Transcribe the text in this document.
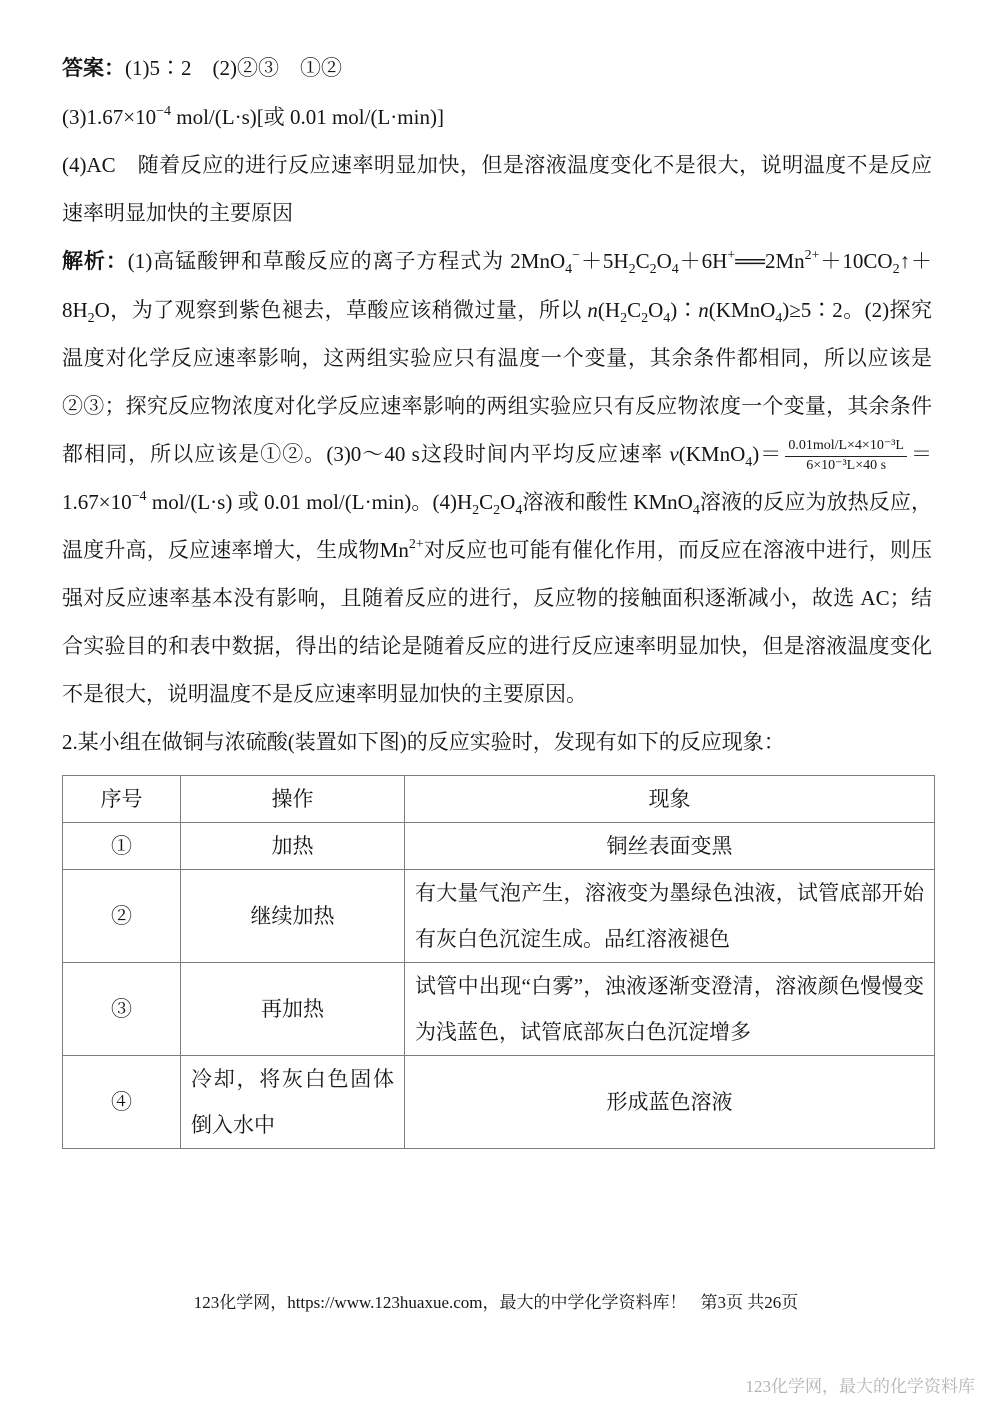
答案：(1)5∶2　(2)②③　①②

$(3)1.67\times 10^{-4}$ mol/(L·s)[或 0.01 mol/(L·min)]

(4)AC　随着反应的进行反应速率明显加快，但是溶液温度变化不是很大，说明温度不是反应速率明显加快的主要原因

解析：(1)高锰酸钾和草酸反应的离子方程式为 $2MnO_4^-+5H_2C_2O_4+6H^+══2Mn^{2+}+10CO_2↑+8H_2O$，为了观察到紫色褪去，草酸应该稍微过量，所以 $n(H_2C_2O_4)∶n(KMnO_4)\ge 5∶2$。(2)探究温度对化学反应速率影响，这两组实验应只有温度一个变量，其余条件都相同，所以应该是②③；探究反应物浓度对化学反应速率影响的两组实验应只有反应物浓度一个变量，其余条件都相同，所以应该是①②。(3)0～40 s这段时间内平均反应速率 v(KMnO$_4$)＝ $\frac{\text{0.01mol/L×4×10⁻³L}}{\text{6×10⁻³L×40 s}} =1.67\times 10^{-4}$ mol/(L·s) 或 0.01 mol/(L·min)。$(4)H_2C_2O_4$溶液和酸性 KMnO$_4$溶液的反应为放热反应，温度升高，反应速率增大，生成物$Mn^{2+}$对反应也可能有催化作用，而反应在溶液中进行，则压强对反应速率基本没有影响，且随着反应的进行，反应物的接触面积逐渐减小，故选 AC；结合实验目的和表中数据，得出的结论是随着反应的进行反应速率明显加快，但是溶液温度变化不是很大，说明温度不是反应速率明显加快的主要原因。

2.某小组在做铜与浓硫酸(装置如下图)的反应实验时，发现有如下的反应现象：

序号	操作	现象
①	加热	铜丝表面变黑
②	继续加热	有大量气泡产生，溶液变为墨绿色浊液，试管底部开始有灰白色沉淀生成。品红溶液褪色
③	再加热	试管中出现“白雾”，浊液逐渐变澄清，溶液颜色慢慢变为浅蓝色，试管底部灰白色沉淀增多
④	冷却，将灰白色固体倒入水中	形成蓝色溶液
123化学网，https://www.123huaxue.com，最大的中学化学资料库！ 第3页 共26页
123化学网，最大的化学资料库
